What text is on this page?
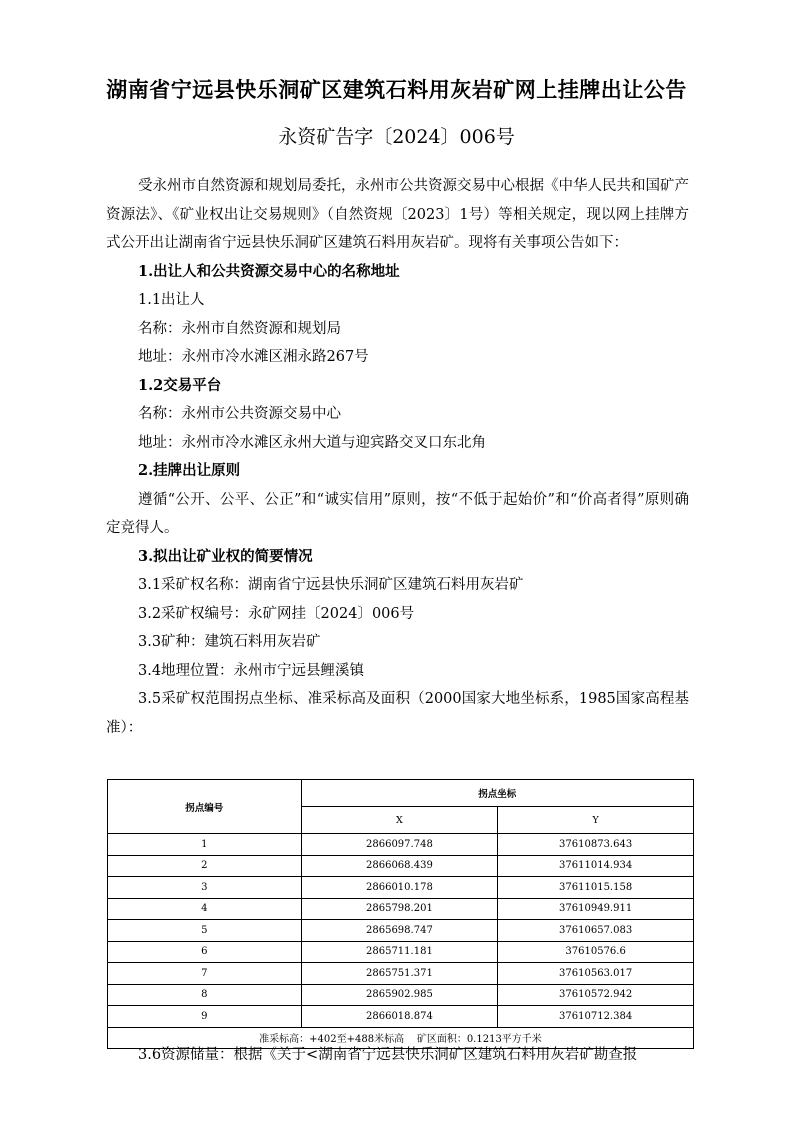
湖南省宁远县快乐洞矿区建筑石料用灰岩矿网上挂牌出让公告
永资矿告字〔2024〕006号

受永州市自然资源和规划局委托，永州市公共资源交易中心根据《中华人民共和国矿产资源法》、《矿业权出让交易规则》（自然资规〔2023〕1号）等相关规定，现以网上挂牌方式公开出让湖南省宁远县快乐洞矿区建筑石料用灰岩矿。现将有关事项公告如下：

1.出让人和公共资源交易中心的名称地址

1.1出让人

名称：永州市自然资源和规划局

地址：永州市冷水滩区湘永路267号

1.2交易平台

名称：永州市公共资源交易中心

地址：永州市冷水滩区永州大道与迎宾路交叉口东北角

2.挂牌出让原则

遵循“公开、公平、公正”和“诚实信用”原则，按“不低于起始价”和“价高者得”原则确定竞得人。

3.拟出让矿业权的简要情况

3.1采矿权名称：湖南省宁远县快乐洞矿区建筑石料用灰岩矿

3.2采矿权编号：永矿网挂〔2024〕006号

3.3矿种：建筑石料用灰岩矿

3.4地理位置：永州市宁远县鲤溪镇

3.5采矿权范围拐点坐标、准采标高及面积（2000国家大地坐标系，1985国家高程基准）：

拐点编号	拐点坐标	
	X	Y
1	2866097.748	37610873.643
2	2866068.439	37611014.934
3	2866010.178	37611015.158
4	2865798.201	37610949.911
5	2865698.747	37610657.083
6	2865711.181	37610576.6
7	2865751.371	37610563.017
8	2865902.985	37610572.942
9	2866018.874	37610712.384
准采标高：+402至+488米标高    矿区面积：0.1213平方千米		

3.6资源储量：根据《关于<湖南省宁远县快乐洞矿区建筑石料用灰岩矿勘查报
